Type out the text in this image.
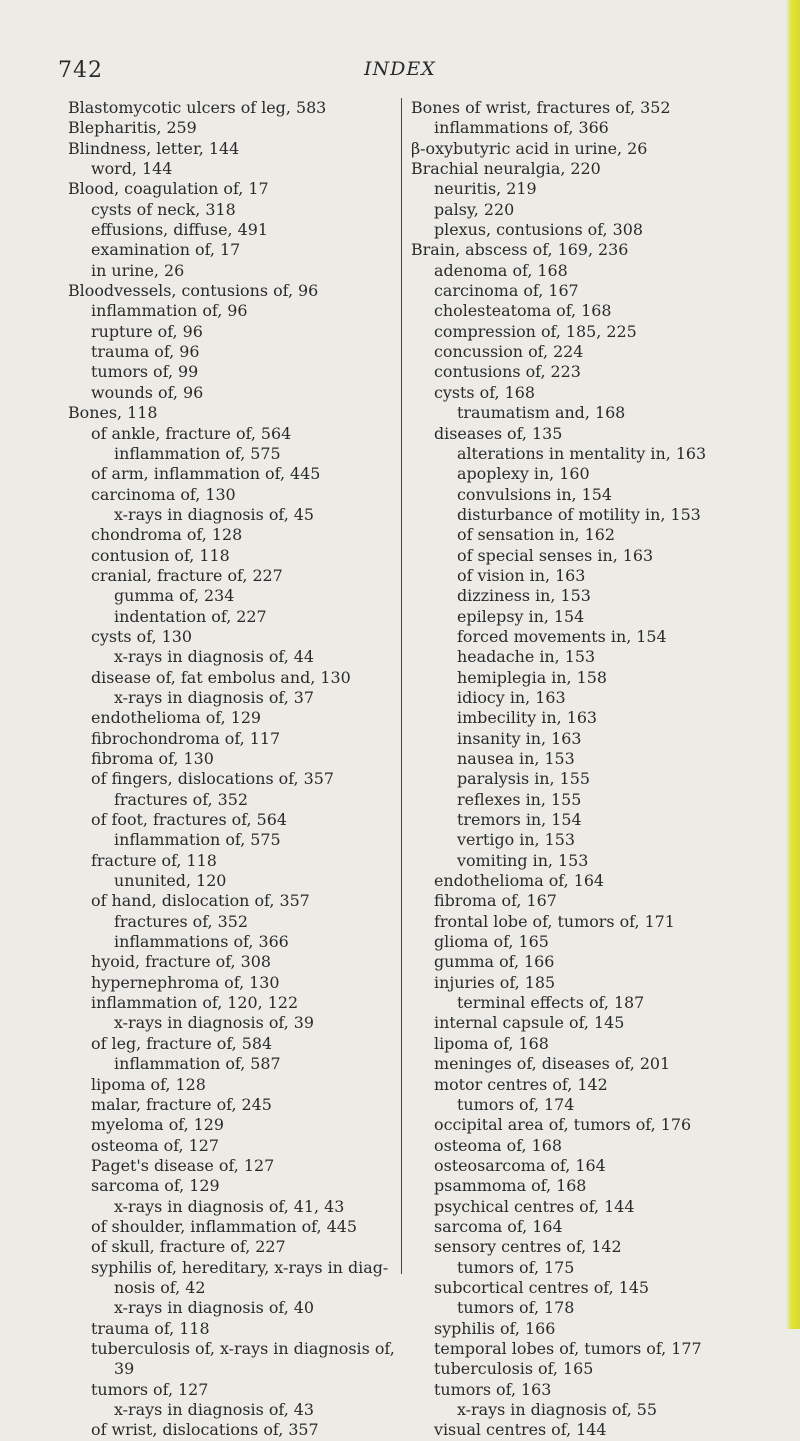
742	INDEX
Blastomycotic ulcers of leg, 583
Blepharitis, 259
Blindness, letter, 144
word, 144
Blood, coagulation of, 17
cysts of neck, 318
effusions, diffuse, 491
examination of, 17
in urine, 26
Bloodvessels, contusions of, 96
inflammation of, 96
rupture of, 96
trauma of, 96
tumors of, 99
wounds of, 96
Bones, 118
of ankle, fracture of, 564
inflammation of, 575
of arm, inflammation of, 445
carcinoma of, 130
x-rays in diagnosis of, 45
chondroma of, 128
contusion of, 118
cranial, fracture of, 227
gumma of, 234
indentation of, 227
cysts of, 130
x-rays in diagnosis of, 44
disease of, fat embolus and, 130
x-rays in diagnosis of, 37
endothelioma of, 129
fibrochondroma of, 117
fibroma of, 130
of fingers, dislocations of, 357
fractures of, 352
of foot, fractures of, 564
inflammation of, 575
fracture of, 118
ununited, 120
of hand, dislocation of, 357
fractures of, 352
inflammations of, 366
hyoid, fracture of, 308
hypernephroma of, 130
inflammation of, 120, 122
x-rays in diagnosis of, 39
of leg, fracture of, 584
inflammation of, 587
lipoma of, 128
malar, fracture of, 245
myeloma of, 129
osteoma of, 127
Paget's disease of, 127
sarcoma of, 129
x-rays in diagnosis of, 41, 43
of shoulder, inflammation of, 445
of skull, fracture of, 227
syphilis of, hereditary, x-rays in diag-
nosis of, 42
x-rays in diagnosis of, 40
trauma of, 118
tuberculosis of, x-rays in diagnosis of,
39
tumors of, 127
x-rays in diagnosis of, 43
of wrist, dislocations of, 357
Bones of wrist, fractures of, 352
inflammations of, 366
β-oxybutyric acid in urine, 26
Brachial neuralgia, 220
neuritis, 219
palsy, 220
plexus, contusions of, 308
Brain, abscess of, 169, 236
adenoma of, 168
carcinoma of, 167
cholesteatoma of, 168
compression of, 185, 225
concussion of, 224
contusions of, 223
cysts of, 168
traumatism and, 168
diseases of, 135
alterations in mentality in, 163
apoplexy in, 160
convulsions in, 154
disturbance of motility in, 153
of sensation in, 162
of special senses in, 163
of vision in, 163
dizziness in, 153
epilepsy in, 154
forced movements in, 154
headache in, 153
hemiplegia in, 158
idiocy in, 163
imbecility in, 163
insanity in, 163
nausea in, 153
paralysis in, 155
reflexes in, 155
tremors in, 154
vertigo in, 153
vomiting in, 153
endothelioma of, 164
fibroma of, 167
frontal lobe of, tumors of, 171
glioma of, 165
gumma of, 166
injuries of, 185
terminal effects of, 187
internal capsule of, 145
lipoma of, 168
meninges of, diseases of, 201
motor centres of, 142
tumors of, 174
occipital area of, tumors of, 176
osteoma of, 168
osteosarcoma of, 164
psammoma of, 168
psychical centres of, 144
sarcoma of, 164
sensory centres of, 142
tumors of, 175
subcortical centres of, 145
tumors of, 178
syphilis of, 166
temporal lobes of, tumors of, 177
tuberculosis of, 165
tumors of, 163
x-rays in diagnosis of, 55
visual centres of, 144
